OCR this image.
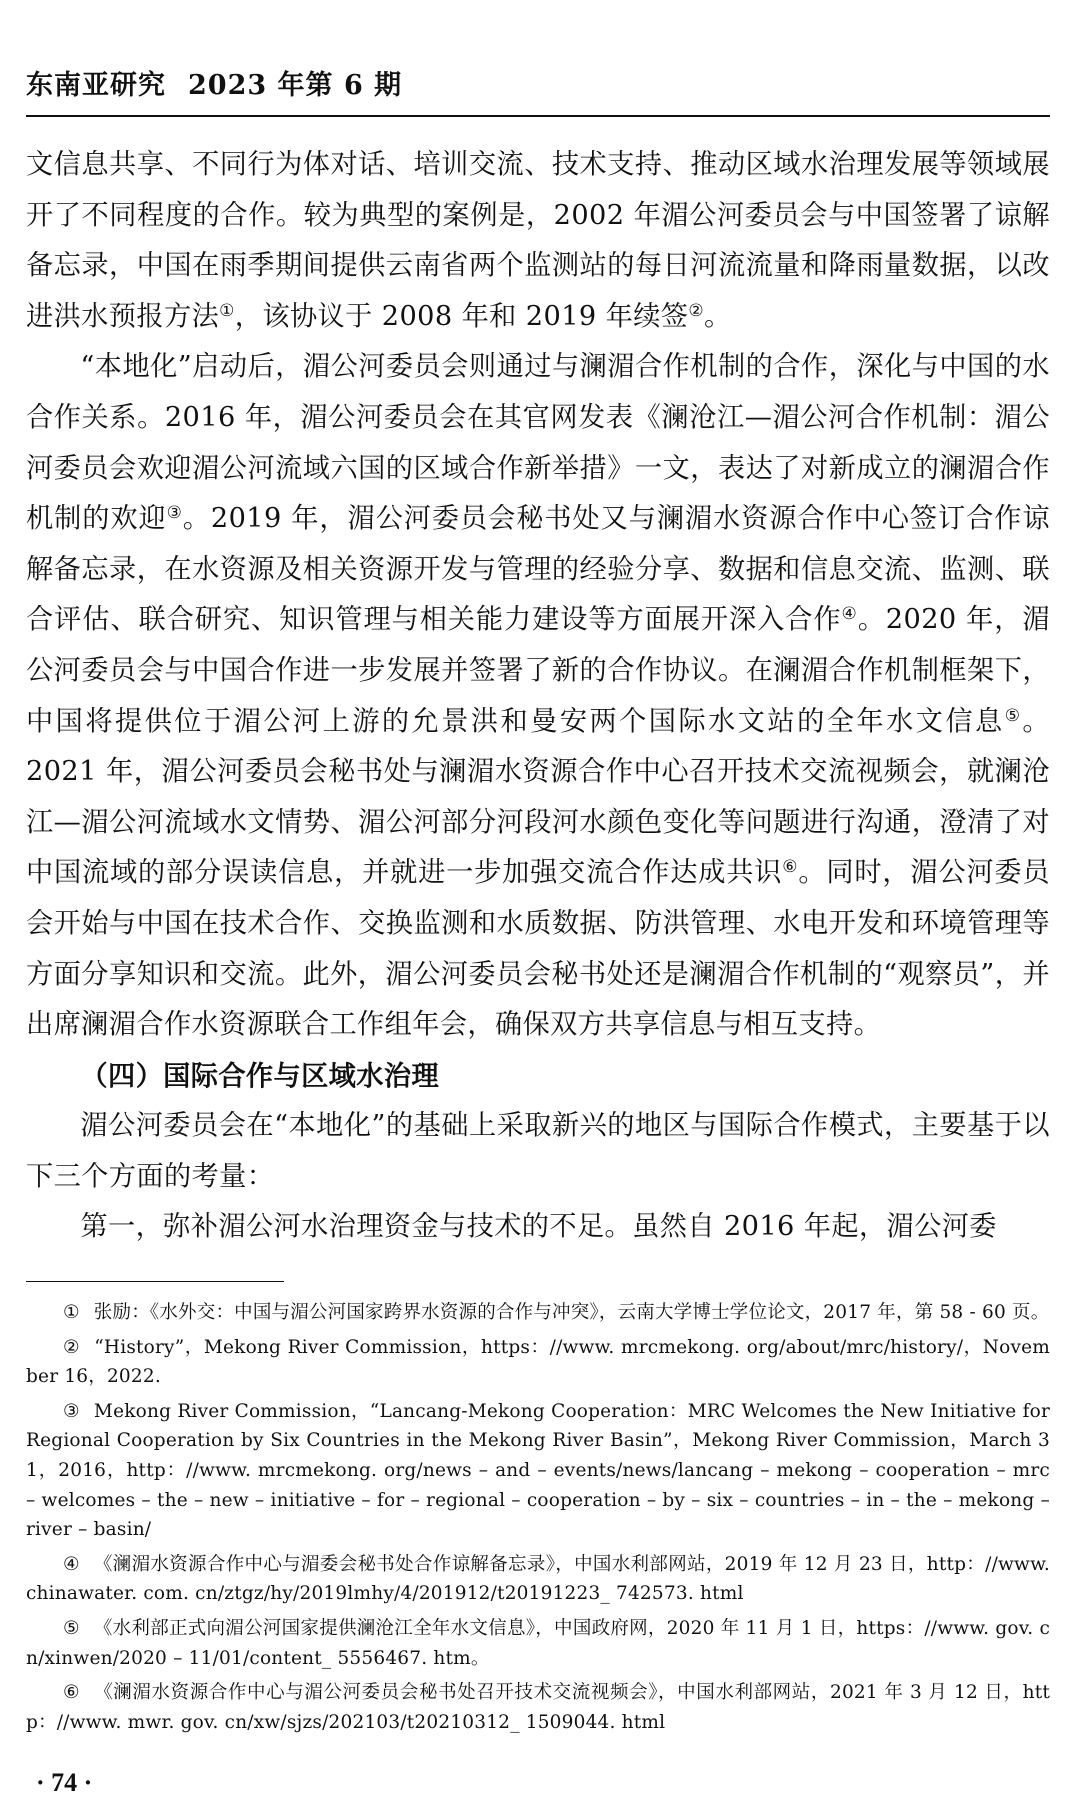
东南亚研究 2023 年第 6 期

文信息共享、不同行为体对话、培训交流、技术支持、推动区域水治理发展等领域展开了不同程度的合作。较为典型的案例是，2002 年湄公河委员会与中国签署了谅解备忘录，中国在雨季期间提供云南省两个监测站的每日河流流量和降雨量数据，以改进洪水预报方法①，该协议于 2008 年和 2019 年续签②。

“本地化”启动后，湄公河委员会则通过与澜湄合作机制的合作，深化与中国的水合作关系。2016 年，湄公河委员会在其官网发表《澜沧江—湄公河合作机制：湄公河委员会欢迎湄公河流域六国的区域合作新举措》一文，表达了对新成立的澜湄合作机制的欢迎③。2019 年，湄公河委员会秘书处又与澜湄水资源合作中心签订合作谅解备忘录，在水资源及相关资源开发与管理的经验分享、数据和信息交流、监测、联合评估、联合研究、知识管理与相关能力建设等方面展开深入合作④。2020 年，湄公河委员会与中国合作进一步发展并签署了新的合作协议。在澜湄合作机制框架下，中国将提供位于湄公河上游的允景洪和曼安两个国际水文站的全年水文信息⑤。2021 年，湄公河委员会秘书处与澜湄水资源合作中心召开技术交流视频会，就澜沧江—湄公河流域水文情势、湄公河部分河段河水颜色变化等问题进行沟通，澄清了对中国流域的部分误读信息，并就进一步加强交流合作达成共识⑥。同时，湄公河委员会开始与中国在技术合作、交换监测和水质数据、防洪管理、水电开发和环境管理等方面分享知识和交流。此外，湄公河委员会秘书处还是澜湄合作机制的“观察员”，并出席澜湄合作水资源联合工作组年会，确保双方共享信息与相互支持。

（四）国际合作与区域水治理

湄公河委员会在“本地化”的基础上采取新兴的地区与国际合作模式，主要基于以下三个方面的考量：

第一，弥补湄公河水治理资金与技术的不足。虽然自 2016 年起，湄公河委

① 张励：《水外交：中国与湄公河国家跨界水资源的合作与冲突》，云南大学博士学位论文，2017 年，第 58 - 60 页。

② “History”，Mekong River Commission，https：//www. mrcmekong. org/about/mrc/history/，November 16，2022.

③ Mekong River Commission，“Lancang-Mekong Cooperation：MRC Welcomes the New Initiative for Regional Cooperation by Six Countries in the Mekong River Basin”，Mekong River Commission，March 31，2016，http：//www. mrcmekong. org/news – and – events/news/lancang – mekong – cooperation – mrc – welcomes – the – new – initiative – for – regional – cooperation – by – six – countries – in – the – mekong – river – basin/

④ 《澜湄水资源合作中心与湄委会秘书处合作谅解备忘录》，中国水利部网站，2019 年 12 月 23 日，http：//www. chinawater. com. cn/ztgz/hy/2019lmhy/4/201912/t20191223_ 742573. html

⑤ 《水利部正式向湄公河国家提供澜沧江全年水文信息》，中国政府网，2020 年 11 月 1 日，https：//www. gov. cn/xinwen/2020 – 11/01/content_ 5556467. htm。

⑥ 《澜湄水资源合作中心与湄公河委员会秘书处召开技术交流视频会》，中国水利部网站，2021 年 3 月 12 日，http：//www. mwr. gov. cn/xw/sjzs/202103/t20210312_ 1509044. html

· 74 ·
